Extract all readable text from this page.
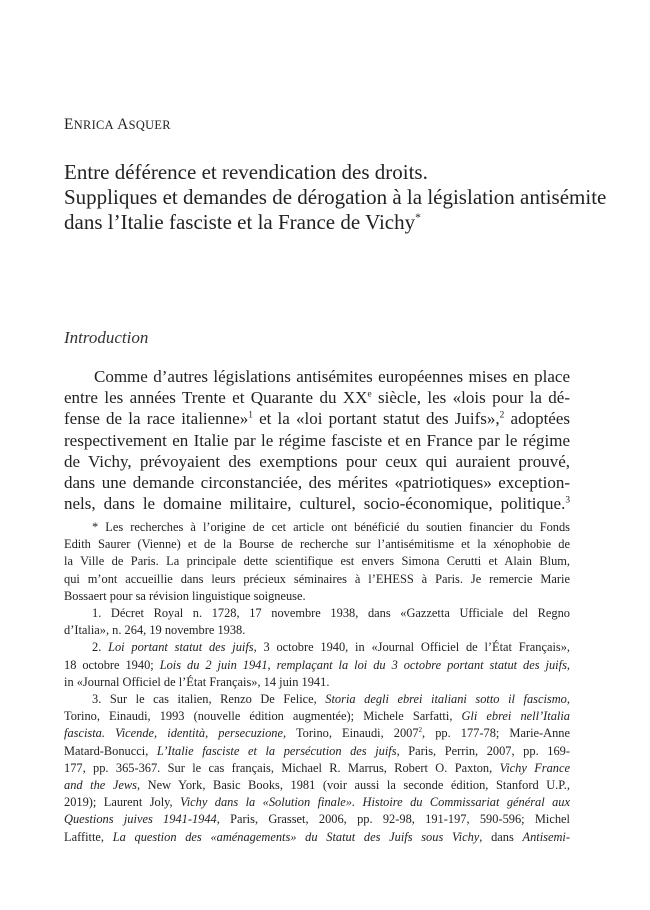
ENRICA ASQUER
Entre déférence et revendication des droits.
Suppliques et demandes de dérogation à la législation antisémite
dans l’Italie fasciste et la France de Vichy*
Introduction
Comme d’autres législations antisémites européennes mises en place
entre les années Trente et Quarante du XXe siècle, les «lois pour la dé-
fense de la race italienne»$^1$ et la «loi portant statut des Juifs»,$^2$ adoptées
respectivement en Italie par le régime fasciste et en France par le régime
de Vichy, prévoyaient des exemptions pour ceux qui auraient prouvé,
dans une demande circonstanciée, des mérites «patriotiques» exception-
nels, dans le domaine militaire, culturel, socio-économique, politique.$^3$
* Les recherches à l’origine de cet article ont bénéficié du soutien financier du Fonds
Edith Saurer (Vienne) et de la Bourse de recherche sur l’antisémitisme et la xénophobie de
la Ville de Paris. La principale dette scientifique est envers Simona Cerutti et Alain Blum,
qui m’ont accueillie dans leurs précieux séminaires à l’EHESS à Paris. Je remercie Marie
Bossaert pour sa révision linguistique soigneuse.
1. Décret Royal n. 1728, 17 novembre 1938, dans «Gazzetta Ufficiale del Regno
d’Italia», n. 264, 19 novembre 1938.
2. Loi portant statut des juifs, 3 octobre 1940, in «Journal Officiel de l’État Français»,
18 octobre 1940; Lois du 2 juin 1941, remplaçant la loi du 3 octobre portant statut des juifs,
in «Journal Officiel de l’État Français», 14 juin 1941.
3. Sur le cas italien, Renzo De Felice, Storia degli ebrei italiani sotto il fascismo,
Torino, Einaudi, 1993 (nouvelle édition augmentée); Michele Sarfatti, Gli ebrei nell’Italia
fascista. Vicende, identità, persecuzione, Torino, Einaudi, 2007$^2$, pp. 177-78; Marie-Anne
Matard-Bonucci, L’Italie fasciste et la persécution des juifs, Paris, Perrin, 2007, pp. 169-
177, pp. 365-367. Sur le cas français, Michael R. Marrus, Robert O. Paxton, Vichy France
and the Jews, New York, Basic Books, 1981 (voir aussi la seconde édition, Stanford U.P.,
2019); Laurent Joly, Vichy dans la «Solution finale». Histoire du Commissariat général aux
Questions juives 1941-1944, Paris, Grasset, 2006, pp. 92-98, 191-197, 590-596; Michel
Laffitte, La question des «aménagements» du Statut des Juifs sous Vichy, dans Antisemi-
